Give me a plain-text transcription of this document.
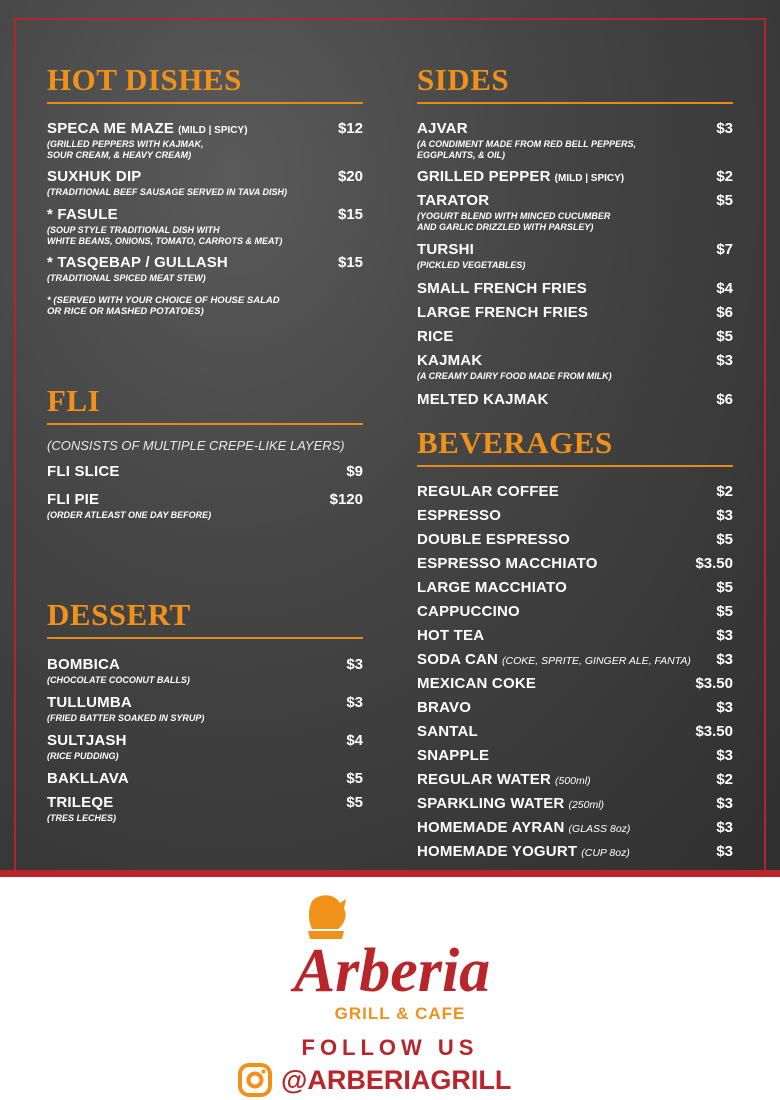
HOT DISHES
SPECA ME MAZE (MILD | SPICY)	$12
(GRILLED PEPPERS WITH KAJMAK,
SOUR CREAM, & HEAVY CREAM)
SUXHUK DIP	$20
(TRADITIONAL BEEF SAUSAGE SERVED IN TAVA DISH)
* FASULE	$15
(SOUP STYLE TRADITIONAL DISH WITH
WHITE BEANS, ONIONS, TOMATO, CARROTS & MEAT)
* TASQEBAP / GULLASH	$15
(TRADITIONAL SPICED MEAT STEW)
* (SERVED WITH YOUR CHOICE OF HOUSE SALAD
OR RICE OR MASHED POTATOES)
FLI
(CONSISTS OF MULTIPLE CREPE-LIKE LAYERS)
FLI SLICE	$9
FLI PIE	$120
(ORDER ATLEAST ONE DAY BEFORE)
DESSERT
BOMBICA	$3
(CHOCOLATE COCONUT BALLS)
TULLUMBA	$3
(FRIED BATTER SOAKED IN SYRUP)
SULTJASH	$4
(RICE PUDDING)
BAKLLAVA	$5
TRILEQE	$5
(TRES LECHES)
SIDES
AJVAR	$3
(A CONDIMENT MADE FROM RED BELL PEPPERS,
EGGPLANTS, & OIL)
GRILLED PEPPER (MILD | SPICY)	$2
TARATOR	$5
(YOGURT BLEND WITH MINCED CUCUMBER
AND GARLIC DRIZZLED WITH PARSLEY)
TURSHI	$7
(PICKLED VEGETABLES)
SMALL FRENCH FRIES	$4
LARGE FRENCH FRIES	$6
RICE	$5
KAJMAK	$3
(A CREAMY DAIRY FOOD MADE FROM MILK)
MELTED KAJMAK	$6
BEVERAGES
REGULAR COFFEE	$2
ESPRESSO	$3
DOUBLE ESPRESSO	$5
ESPRESSO MACCHIATO	$3.50
LARGE MACCHIATO	$5
CAPPUCCINO	$5
HOT TEA	$3
SODA CAN (COKE, SPRITE, GINGER ALE, FANTA) $3
MEXICAN COKE	$3.50
BRAVO	$3
SANTAL	$3.50
SNAPPLE	$3
REGULAR WATER (500ml)	$2
SPARKLING WATER (250ml)	$3
HOMEMADE AYRAN (GLASS 8oz)	$3
HOMEMADE YOGURT (CUP 8oz)	$3
Arberia
GRILL & CAFE
FOLLOW US
@ARBERIAGRILL
